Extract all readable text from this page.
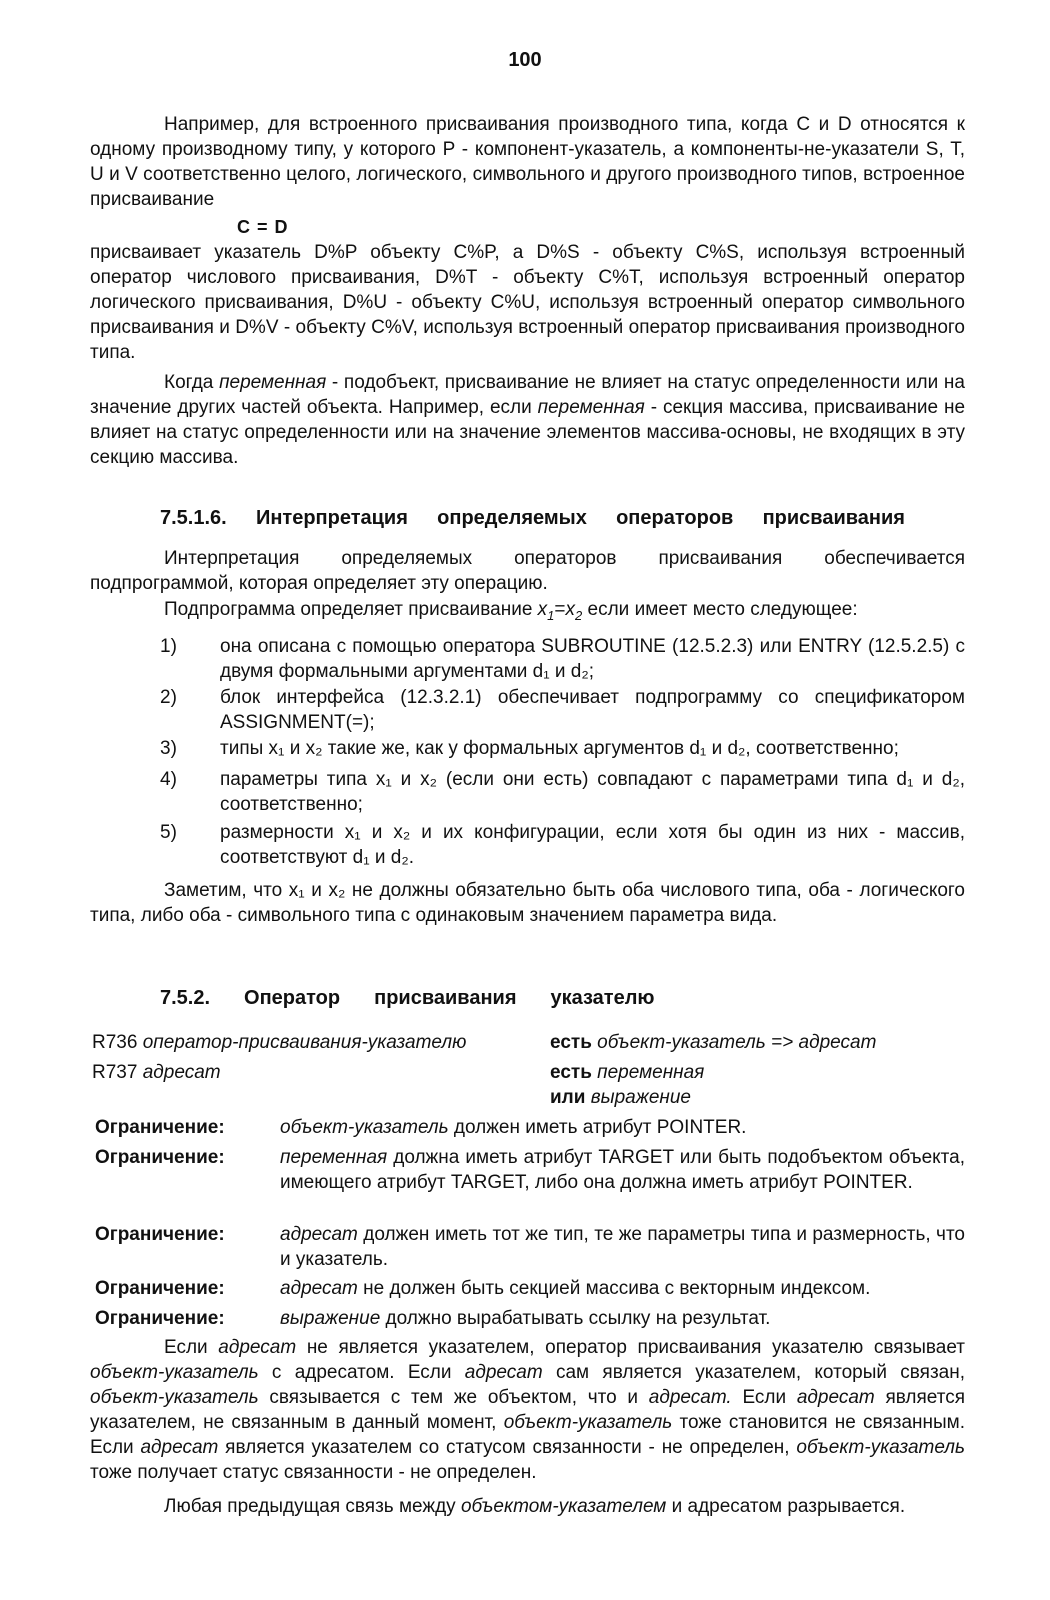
100
Например, для встроенного присваивания производного типа, когда C и D относятся к одному производному типу, у которого P - компонент-указатель, а компоненты-не-указатели S, T, U и V соответственно целого, логического, символьного и другого производного типов, встроенное присваивание
C = D
присваивает указатель D%P объекту C%P, а D%S - объекту C%S, используя встроенный оператор числового присваивания, D%T - объекту C%T, используя встроенный оператор логического присваивания, D%U - объекту C%U, используя встроенный оператор символьного присваивания и D%V - объекту C%V, используя встроенный оператор присваивания производного типа.
Когда переменная - подобъект, присваивание не влияет на статус определенности или на значение других частей объекта. Например, если переменная - секция массива, присваивание не влияет на статус определенности или на значение элементов массива-основы, не входящих в эту секцию массива.
7.5.1.6. Интерпретация определяемых операторов присваивания
Интерпретация определяемых операторов присваивания обеспечивается подпрограммой, которая определяет эту операцию.
Подпрограмма определяет присваивание $x_1=x_2$ если имеет место следующее:
1)	она описана с помощью оператора SUBROUTINE (12.5.2.3) или ENTRY (12.5.2.5) с двумя формальными аргументами d₁ и d₂;
2)	блок интерфейса (12.3.2.1) обеспечивает подпрограмму со спецификатором ASSIGNMENT(=);
3)	типы x₁ и x₂ такие же, как у формальных аргументов d₁ и d₂, соответственно;
4)	параметры типа x₁ и x₂ (если они есть) совпадают с параметрами типа d₁ и d₂, соответственно;
5)	размерности x₁ и x₂ и их конфигурации, если хотя бы один из них - массив, соответствуют d₁ и d₂.
Заметим, что x₁ и x₂ не должны обязательно быть оба числового типа, оба - логического типа, либо оба - символьного типа с одинаковым значением параметра вида.
7.5.2. Оператор присваивания указателю
R736 оператор-присваивания-указателю	есть объект-указатель => адресат
R737 адресат	есть переменная
или выражение
Ограничение:	объект-указатель должен иметь атрибут POINTER.
Ограничение:	переменная должна иметь атрибут TARGET или быть подобъектом объекта, имеющего атрибут TARGET, либо она должна иметь атрибут POINTER.
Ограничение:	адресат должен иметь тот же тип, те же параметры типа и размерность, что и указатель.
Ограничение:	адресат не должен быть секцией массива с векторным индексом.
Ограничение:	выражение должно вырабатывать ссылку на результат.
Если адресат не является указателем, оператор присваивания указателю связывает объект-указатель с адресатом. Если адресат сам является указателем, который связан, объект-указатель связывается с тем же объектом, что и адресат. Если адресат является указателем, не связанным в данный момент, объект-указатель тоже становится не связанным. Если адресат является указателем со статусом связанности - не определен, объект-указатель тоже получает статус связанности - не определен.
Любая предыдущая связь между объектом-указателем и адресатом разрывается.
